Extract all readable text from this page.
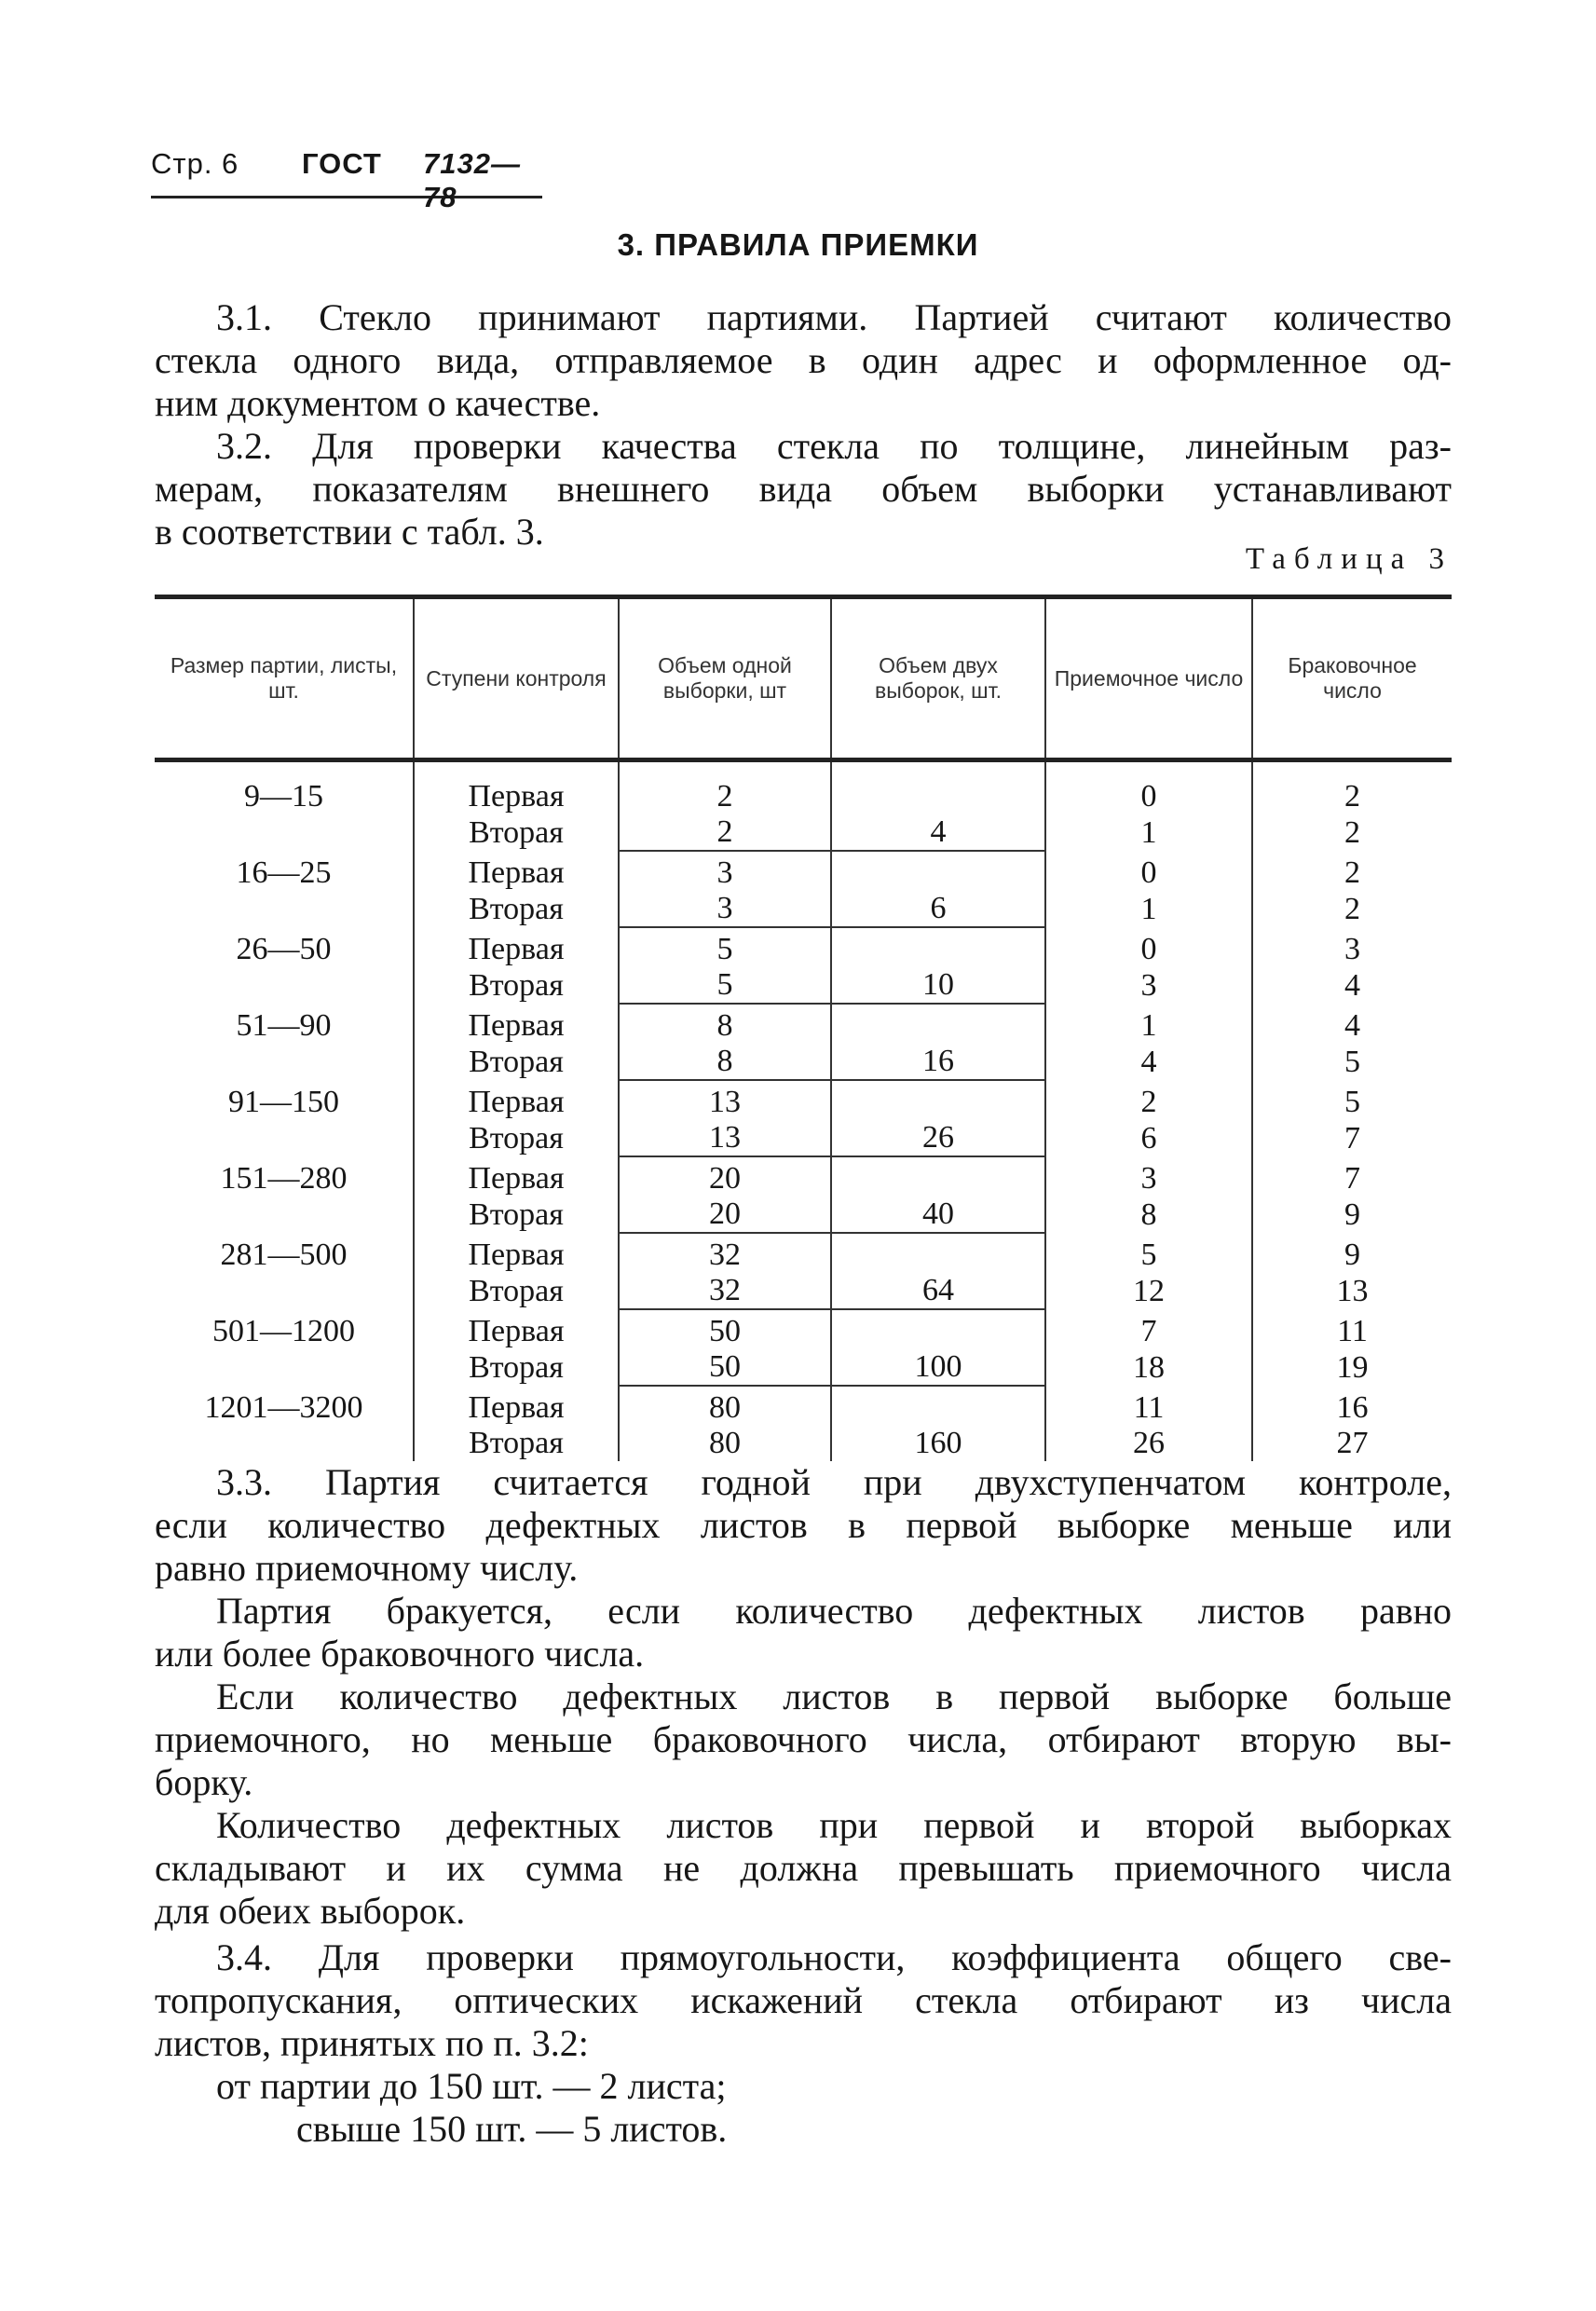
Стр. 6 ГОСТ 7132—78
3. ПРАВИЛА ПРИЕМКИ
3.1. Стекло принимают партиями. Партией считают количество
стекла одного вида, отправляемое в один адрес и оформленное од-
ним документом о качестве.
3.2. Для проверки качества стекла по толщине, линейным раз-
мерам, показателям внешнего вида объем выборки устанавливают
в соответствии с табл. 3.
Таблица 3
Размер партии, листы, шт.	Ступени контроля	Объем одной выборки, шт	Объем двух выборок, шт.	Приемочное число	Браковочное число

9—15	Первая	2		0	2
	Вторая	2	4	1	2
16—25	Первая	3		0	2
	Вторая	3	6	1	2
26—50	Первая	5		0	3
	Вторая	5	10	3	4
51—90	Первая	8		1	4
	Вторая	8	16	4	5
91—150	Первая	13		2	5
	Вторая	13	26	6	7
151—280	Первая	20		3	7
	Вторая	20	40	8	9
281—500	Первая	32		5	9
	Вторая	32	64	12	13
501—1200	Первая	50		7	11
	Вторая	50	100	18	19
1201—3200	Первая	80		11	16
	Вторая	80	160	26	27
3.3. Партия считается годной при двухступенчатом контроле,
если количество дефектных листов в первой выборке меньше или
равно приемочному числу.
Партия бракуется, если количество дефектных листов равно
или более браковочного числа.
Если количество дефектных листов в первой выборке больше
приемочного, но меньше браковочного числа, отбирают вторую вы-
борку.
Количество дефектных листов при первой и второй выборках
складывают и их сумма не должна превышать приемочного числа
для обеих выборок.
3.4. Для проверки прямоугольности, коэффициента общего све-
топропускания, оптических искажений стекла отбирают из числа
листов, принятых по п. 3.2:
от партии до 150 шт. — 2 листа;
свыше 150 шт. — 5 листов.
